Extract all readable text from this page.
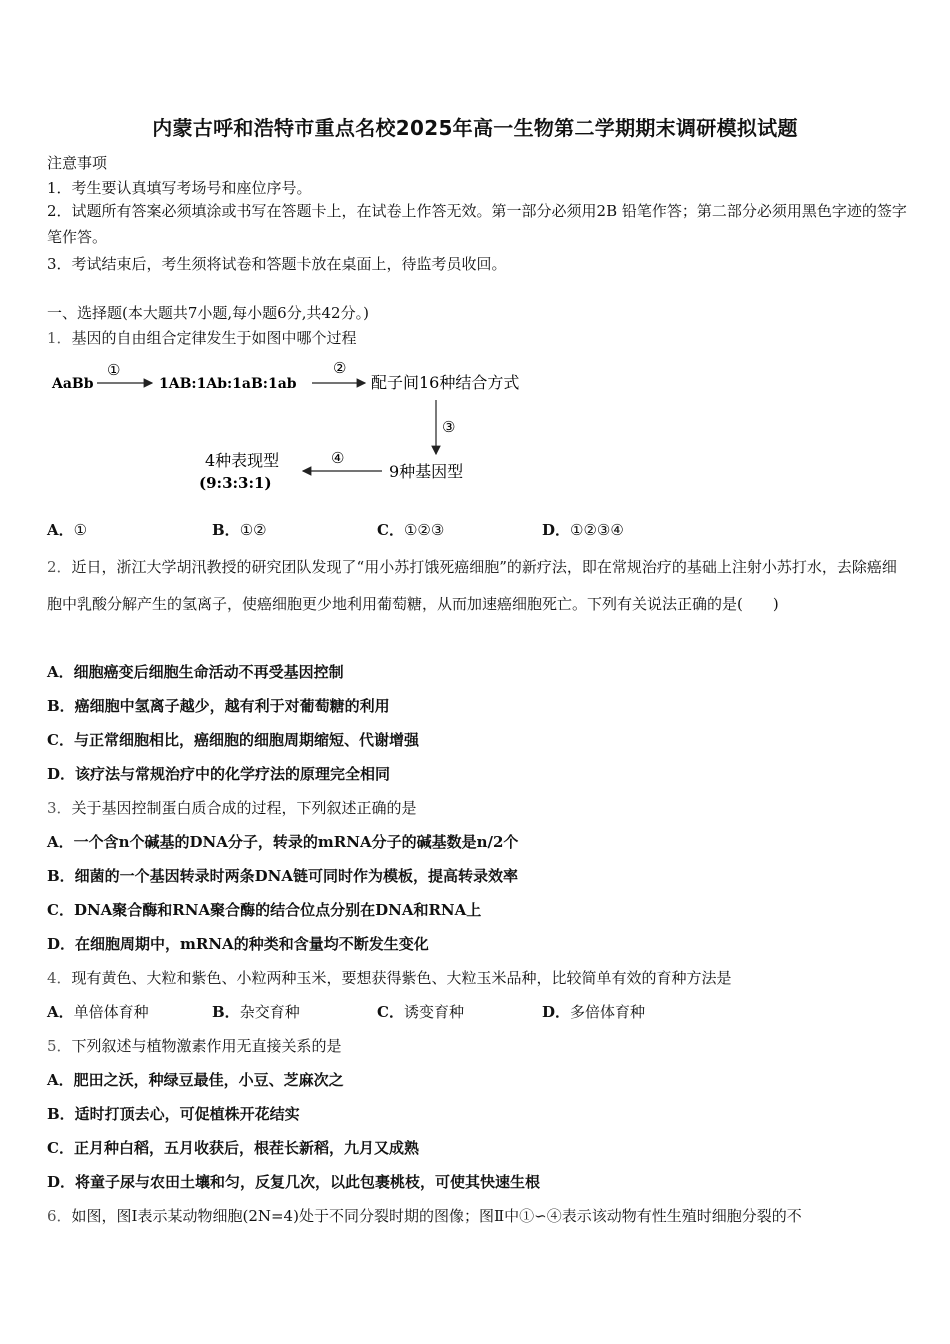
内蒙古呼和浩特市重点名校2025年高一生物第二学期期末调研模拟试题
注意事项
1．考生要认真填写考场号和座位序号。
2．试题所有答案必须填涂或书写在答题卡上，在试卷上作答无效。第一部分必须用2B 铅笔作答；第二部分必须用黑色字迹的签字笔作答。
3．考试结束后，考生须将试卷和答题卡放在桌面上，待监考员收回。
一、选择题(本大题共7小题,每小题6分,共42分。)
1．基因的自由组合定律发生于如图中哪个过程
AaBb
①
1AB:1Ab:1aB:1ab
②
配子间16种结合方式
③
9种基因型
④
4种表现型
(9:3:3:1)
A．①	B．①②	C．①②③	D．①②③④
2．近日，浙江大学胡汛教授的研究团队发现了“用小苏打饿死癌细胞”的新疗法，即在常规治疗的基础上注射小苏打水，去除癌细胞中乳酸分解产生的氢离子，使癌细胞更少地利用葡萄糖，从而加速癌细胞死亡。下列有关说法正确的是(　　)
A．细胞癌变后细胞生命活动不再受基因控制
B．癌细胞中氢离子越少，越有利于对葡萄糖的利用
C．与正常细胞相比，癌细胞的细胞周期缩短、代谢增强
D．该疗法与常规治疗中的化学疗法的原理完全相同
3．关于基因控制蛋白质合成的过程，下列叙述正确的是
A．一个含n个碱基的DNA分子，转录的mRNA分子的碱基数是n/2个
B．细菌的一个基因转录时两条DNA链可同时作为模板，提高转录效率
C．DNA聚合酶和RNA聚合酶的结合位点分别在DNA和RNA上
D．在细胞周期中，mRNA的种类和含量均不断发生变化
4．现有黄色、大粒和紫色、小粒两种玉米，要想获得紫色、大粒玉米品种，比较简单有效的育种方法是
A．单倍体育种	B．杂交育种	C．诱变育种	D．多倍体育种
5．下列叙述与植物激素作用无直接关系的是
A．肥田之沃，种绿豆最佳，小豆、芝麻次之
B．适时打顶去心，可促植株开花结实
C．正月种白稻，五月收获后，根茬长新稻，九月又成熟
D．将童子尿与农田土壤和匀，反复几次，以此包裹桃枝，可使其快速生根
6．如图，图Ⅰ表示某动物细胞(2N=4)处于不同分裂时期的图像；图Ⅱ中①∽④表示该动物有性生殖时细胞分裂的不
